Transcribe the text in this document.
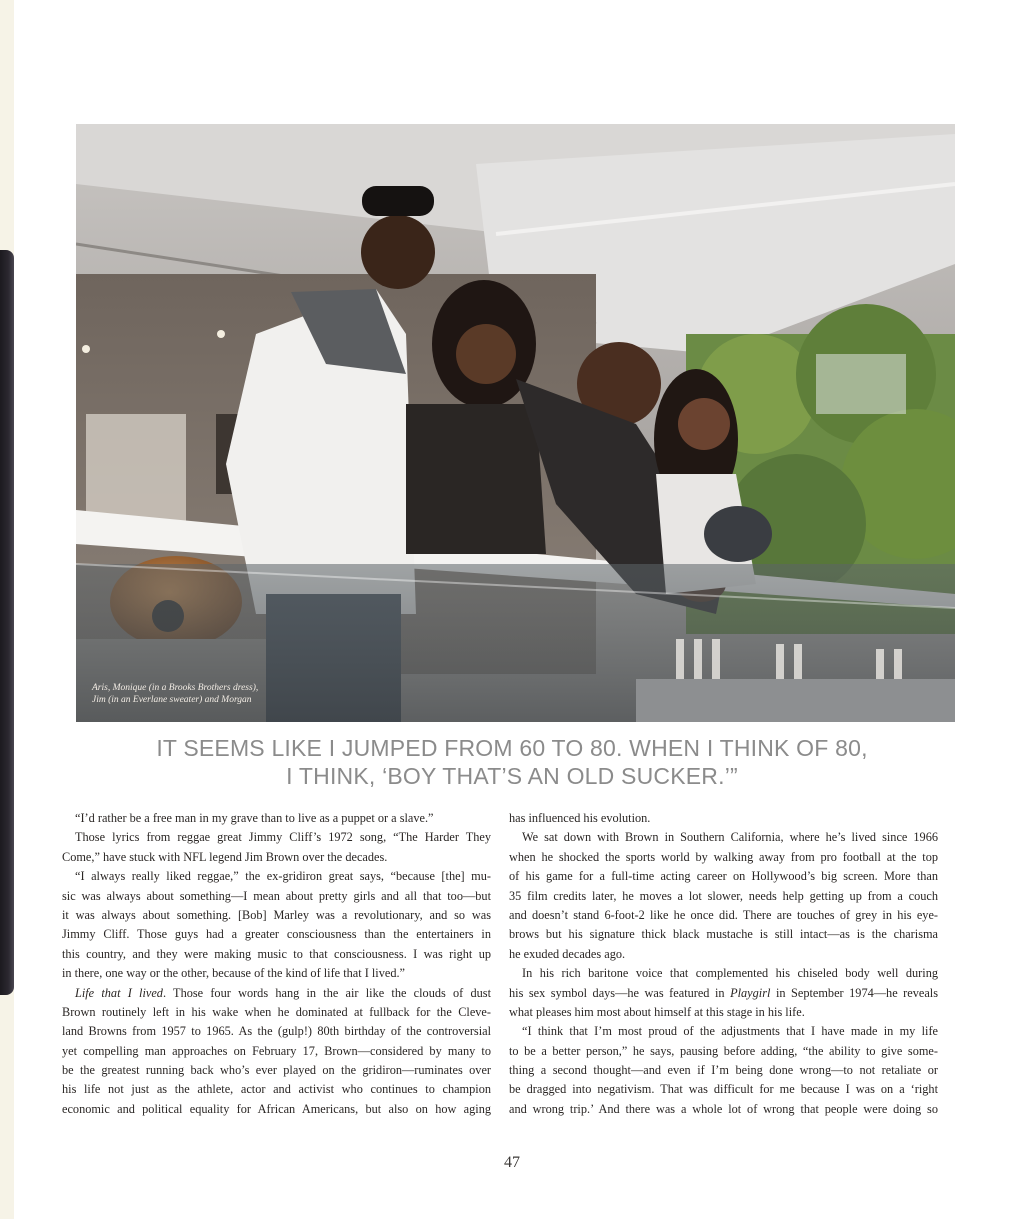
Aris, Monique (in a Brooks Brothers dress),
Jim (in an Everlane sweater) and Morgan
IT SEEMS LIKE I JUMPED FROM 60 TO 80. WHEN I THINK OF 80,
I THINK, ‘BOY THAT’S AN OLD SUCKER.’”
“I’d rather be a free man in my grave than to live as a puppet or a slave.”
Those lyrics from reggae great Jimmy Cliff’s 1972 song, “The Harder They
Come,” have stuck with NFL legend Jim Brown over the decades.
“I always really liked reggae,” the ex-gridiron great says, “because [the] mu-
sic was always about something—I mean about pretty girls and all that too—but
it was always about something. [Bob] Marley was a revolutionary, and so was
Jimmy Cliff. Those guys had a greater consciousness than the entertainers in
this country, and they were making music to that consciousness. I was right up
in there, one way or the other, because of the kind of life that I lived.”
Life that I lived. Those four words hang in the air like the clouds of dust
Brown routinely left in his wake when he dominated at fullback for the Cleve-
land Browns from 1957 to 1965. As the (gulp!) 80th birthday of the controversial
yet compelling man approaches on February 17, Brown—considered by many to
be the greatest running back who’s ever played on the gridiron—ruminates over
his life not just as the athlete, actor and activist who continues to champion
economic and political equality for African Americans, but also on how aging
has influenced his evolution.
We sat down with Brown in Southern California, where he’s lived since 1966
when he shocked the sports world by walking away from pro football at the top
of his game for a full-time acting career on Hollywood’s big screen. More than
35 film credits later, he moves a lot slower, needs help getting up from a couch
and doesn’t stand 6-foot-2 like he once did. There are touches of grey in his eye-
brows but his signature thick black mustache is still intact—as is the charisma
he exuded decades ago.
In his rich baritone voice that complemented his chiseled body well during
his sex symbol days—he was featured in Playgirl in September 1974—he reveals
what pleases him most about himself at this stage in his life.
“I think that I’m most proud of the adjustments that I have made in my life
to be a better person,” he says, pausing before adding, “the ability to give some-
thing a second thought—and even if I’m being done wrong—to not retaliate or
be dragged into negativism. That was difficult for me because I was on a ‘right
and wrong trip.’ And there was a whole lot of wrong that people were doing so
47
